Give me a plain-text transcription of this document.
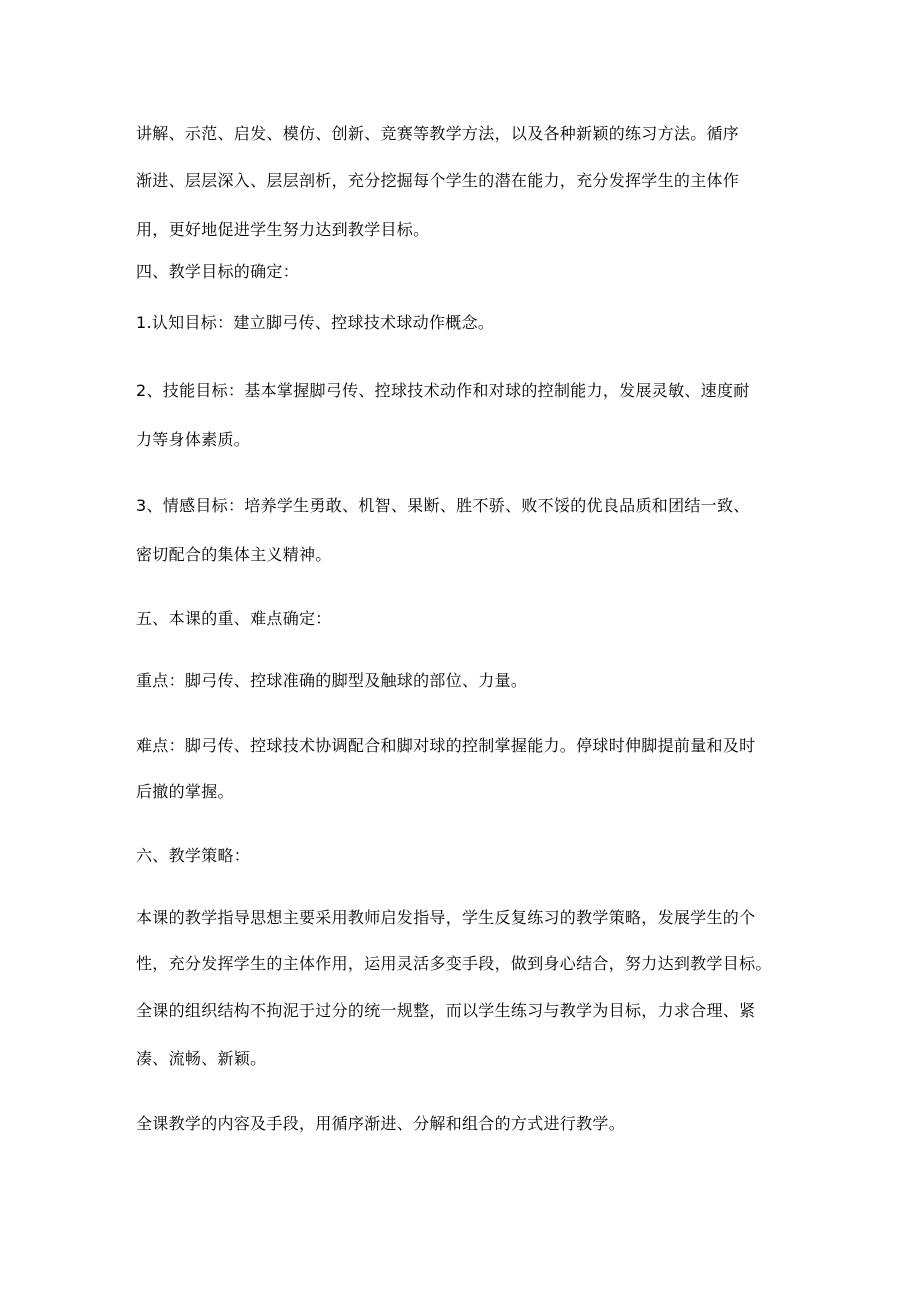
讲解、示范、启发、模仿、创新、竞赛等教学方法，以及各种新颖的练习方法。循序
渐进、层层深入、层层剖析，充分挖掘每个学生的潜在能力，充分发挥学生的主体作
用，更好地促进学生努力达到教学目标。
四、教学目标的确定：
1.认知目标：建立脚弓传、控球技术球动作概念。
2、技能目标：基本掌握脚弓传、控球技术动作和对球的控制能力，发展灵敏、速度耐
力等身体素质。
3、情感目标：培养学生勇敢、机智、果断、胜不骄、败不馁的优良品质和团结一致、
密切配合的集体主义精神。
五、本课的重、难点确定：
重点：脚弓传、控球准确的脚型及触球的部位、力量。
难点：脚弓传、控球技术协调配合和脚对球的控制掌握能力。停球时伸脚提前量和及时
后撤的掌握。
六、教学策略：
本课的教学指导思想主要采用教师启发指导，学生反复练习的教学策略，发展学生的个
性，充分发挥学生的主体作用，运用灵活多变手段，做到身心结合，努力达到教学目标。
全课的组织结构不拘泥于过分的统一规整，而以学生练习与教学为目标，力求合理、紧
凑、流畅、新颖。
全课教学的内容及手段，用循序渐进、分解和组合的方式进行教学。
